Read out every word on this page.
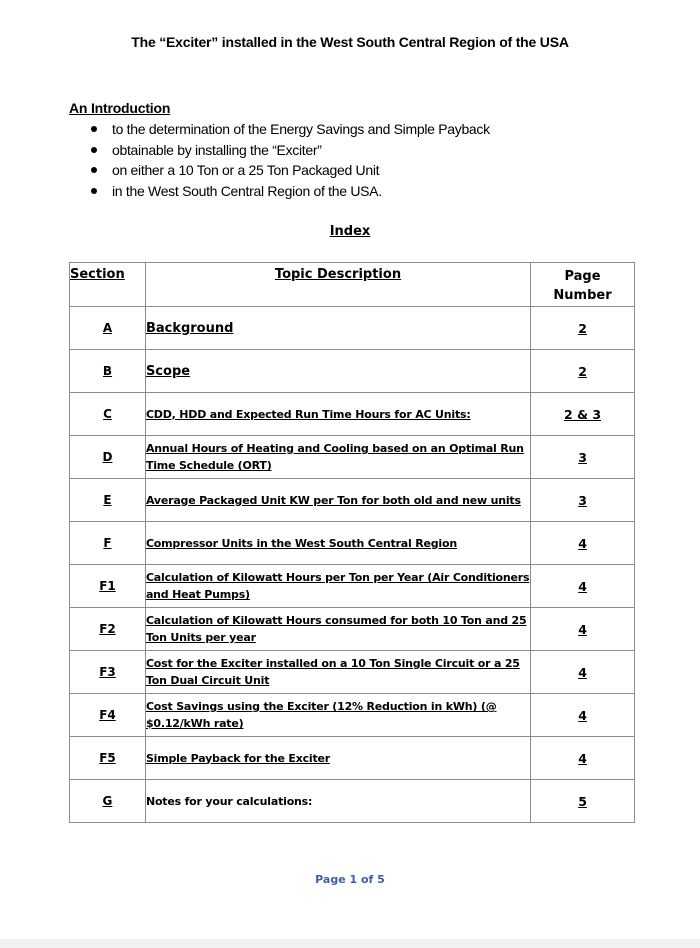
The “Exciter” installed in the West South Central Region of the USA
An Introduction
to the determination of the Energy Savings and Simple Payback
obtainable by installing the “Exciter”
on either a 10 Ton or a 25 Ton Packaged Unit
in the West South Central Region of the USA.
Index
Section	Topic Description	Page Number
A	Background	2
B	Scope	2
C	CDD, HDD and Expected Run Time Hours for AC Units:	2 & 3
D	Annual Hours of Heating and Cooling based on an Optimal Run Time Schedule (ORT)	3
E	Average Packaged Unit KW per Ton for both old and new units	3
F	Compressor Units in the West South Central Region	4
F1	Calculation of Kilowatt Hours per Ton per Year (Air Conditioners and Heat Pumps)	4
F2	Calculation of Kilowatt Hours consumed for both 10 Ton and 25 Ton Units per year	4
F3	Cost for the Exciter installed on a 10 Ton Single Circuit or a 25 Ton Dual Circuit Unit	4
F4	Cost Savings using the Exciter (12% Reduction in kWh) (@ $0.12/kWh rate)	4
F5	Simple Payback for the Exciter	4
G	Notes for your calculations:	5
Page 1 of 5
